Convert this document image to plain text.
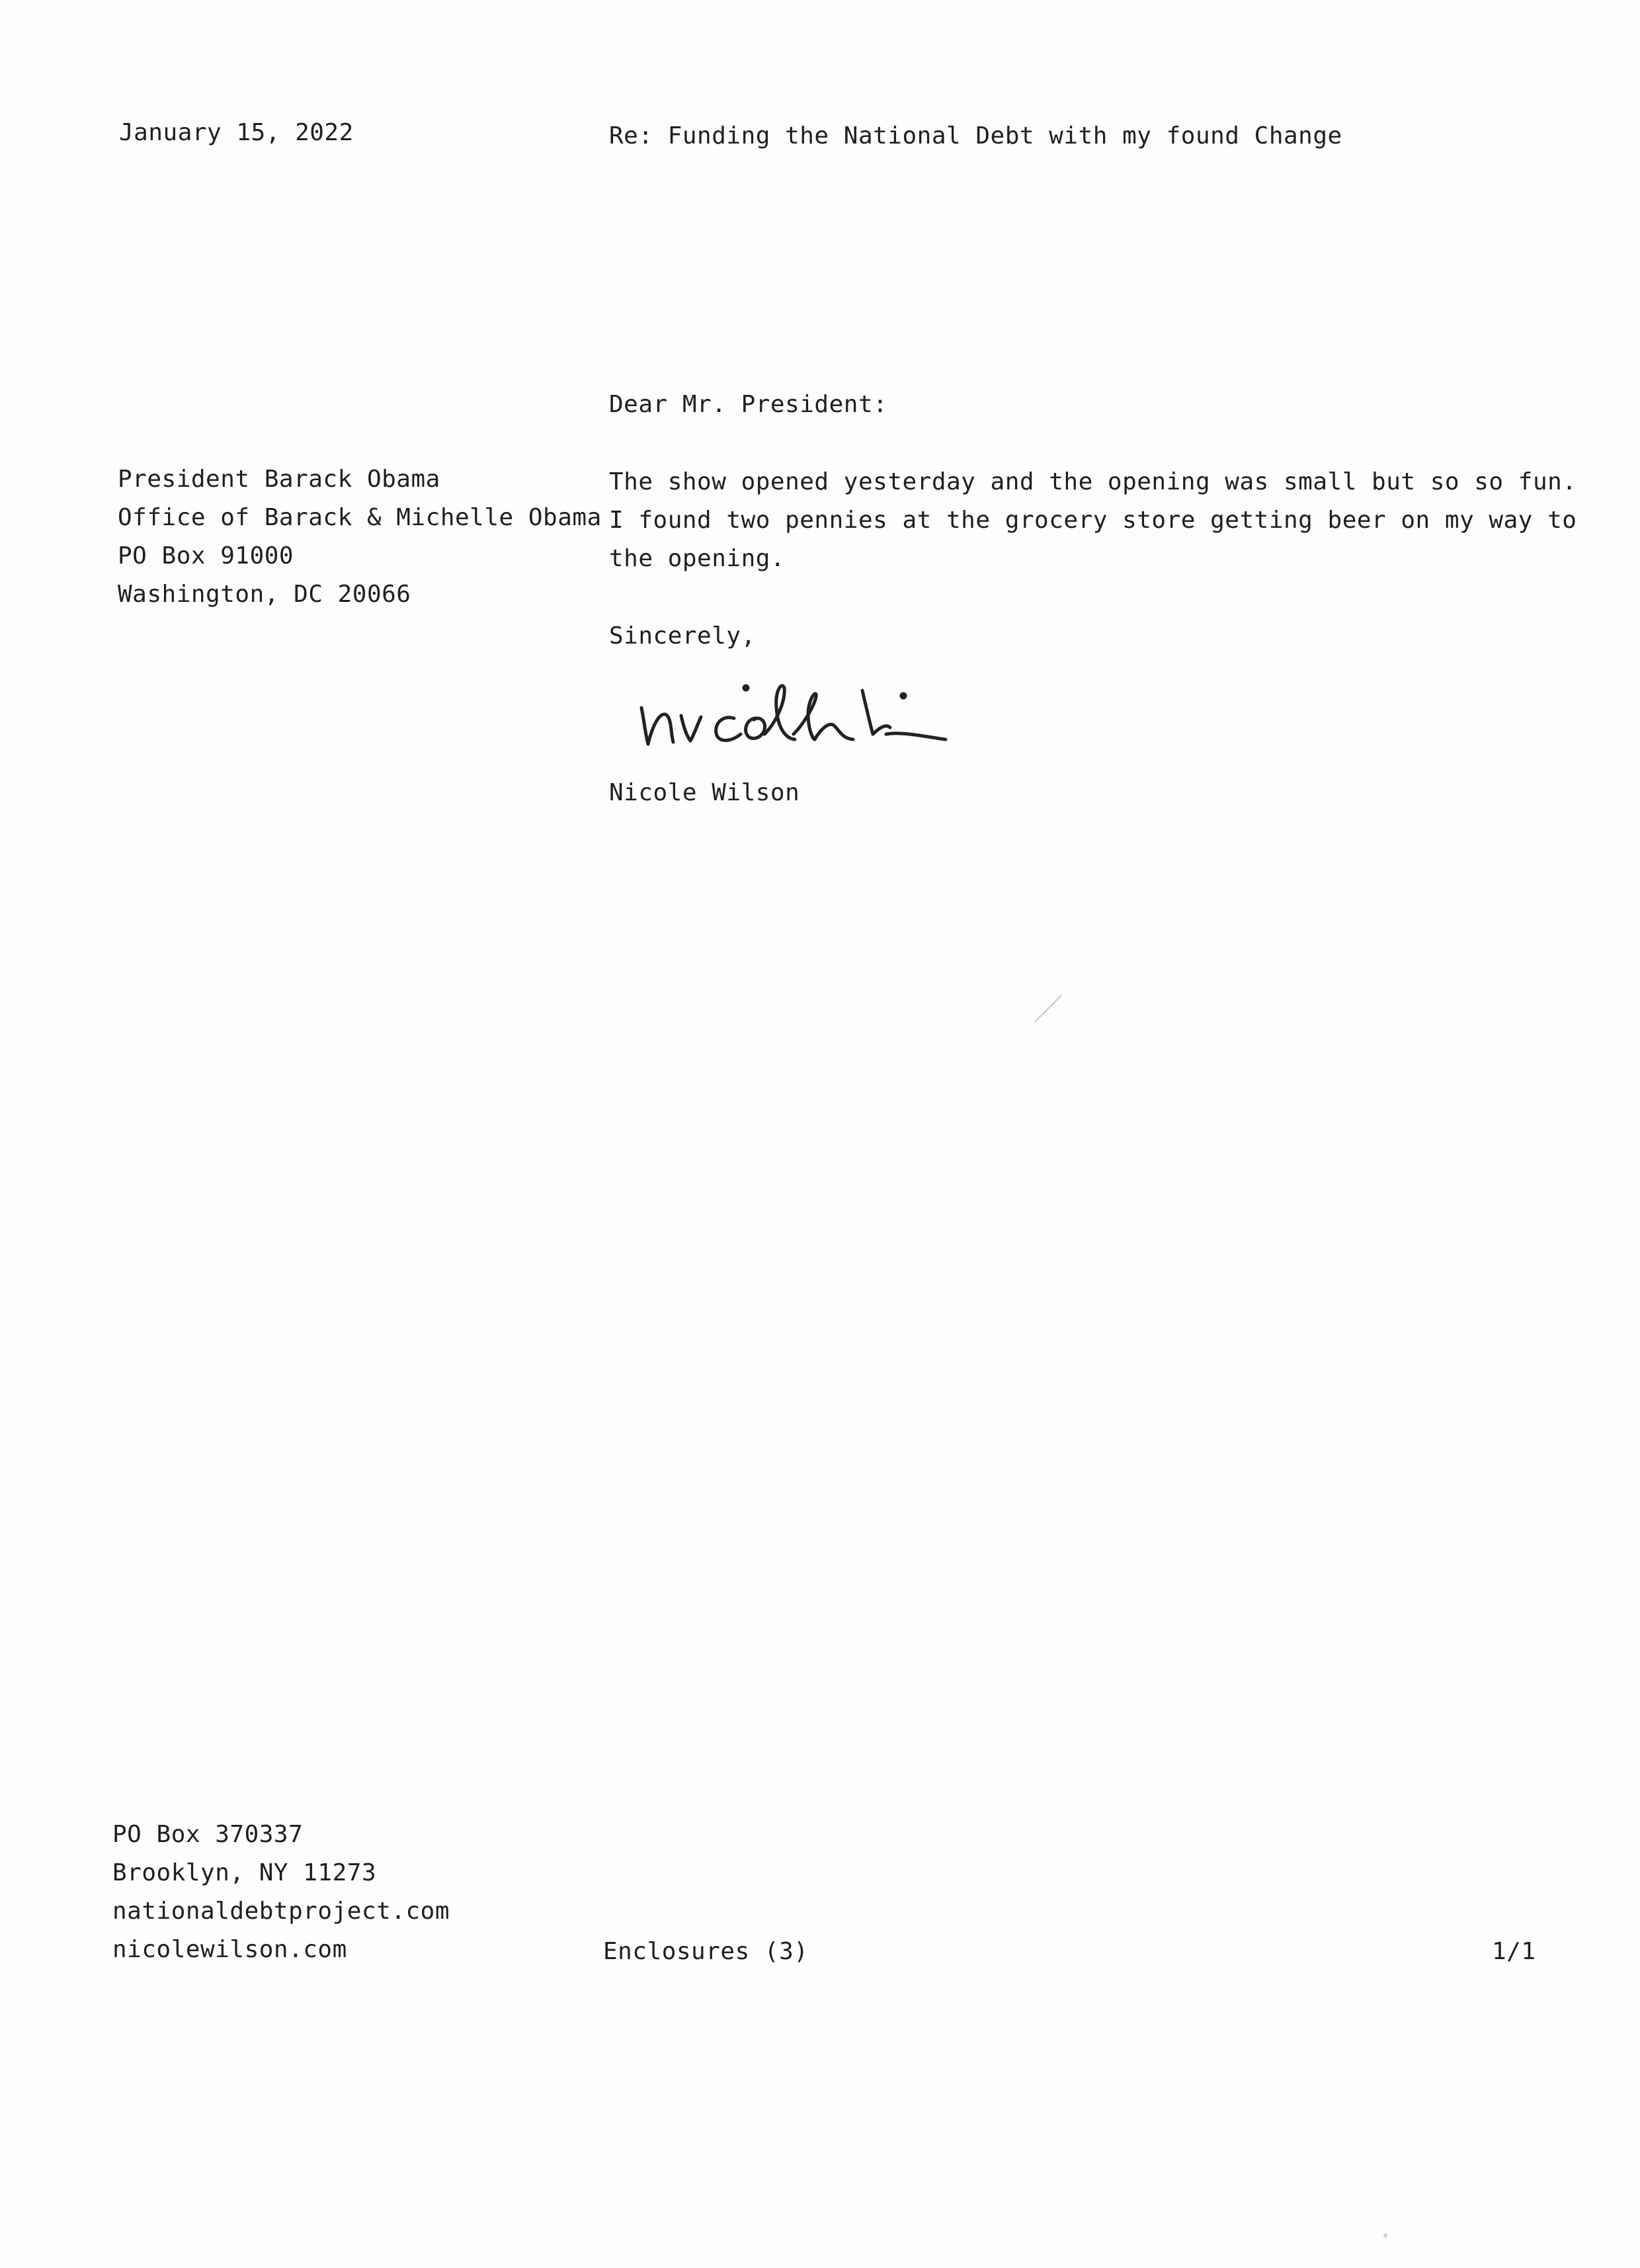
January 15, 2022	Re: Funding the National Debt with my found Change
Dear Mr. President:
President Barack Obama
Office of Barack & Michelle Obama
PO Box 91000
Washington, DC 20066
The show opened yesterday and the opening was small but so so fun.
I found two pennies at the grocery store getting beer on my way to
the opening.
Sincerely,
Nicole Wilson
PO Box 370337
Brooklyn, NY 11273
nationaldebtproject.com
nicolewilson.com	Enclosures (3)	1/1
